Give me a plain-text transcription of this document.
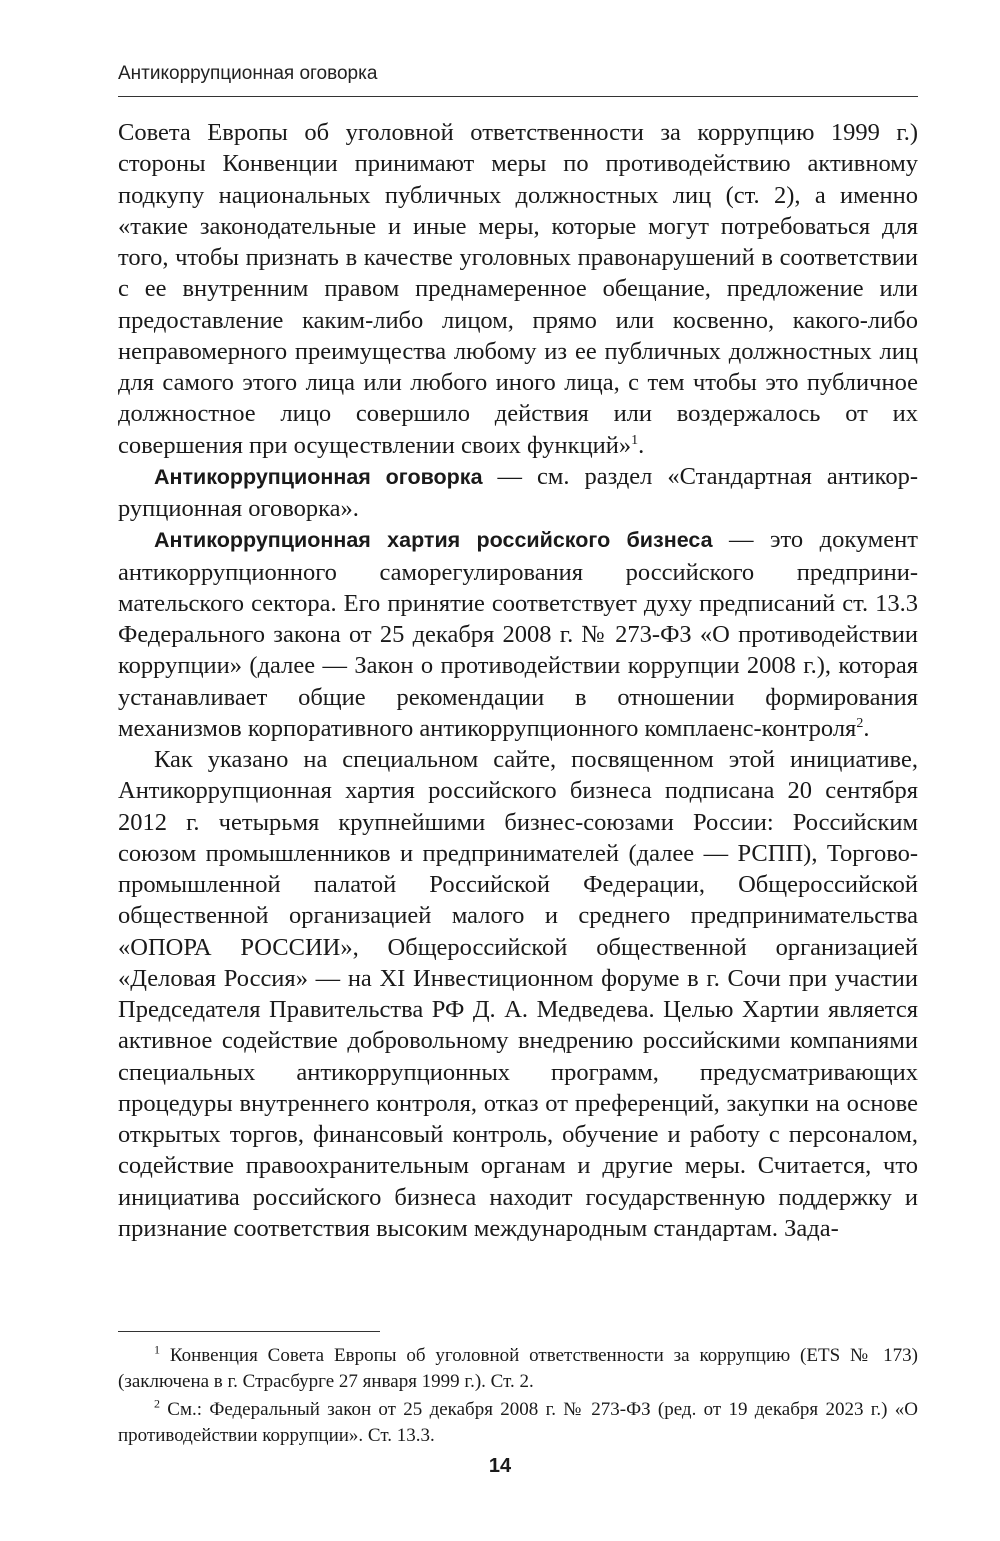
Антикоррупционная оговорка

Совета Европы об уголовной ответственности за коррупцию 1999 г.) стороны Конвенции принимают меры по противодействию активному подкупу национальных публичных должностных лиц (ст. 2), а именно «такие законодательные и иные меры, которые могут потребоваться для того, чтобы признать в качестве уголовных правонарушений в соответствии с ее внутренним правом преднамеренное обещание, предложение или предоставление каким-либо лицом, прямо или косвенно, какого-либо неправомерного преимущества любому из ее публичных должностных лиц для самого этого лица или любого иного лица, с тем чтобы это публичное должностное лицо совершило действия или воздержалось от их совершения при осуществлении своих функций»$^1$.

Антикоррупционная оговорка — см. раздел «Стандартная антикоррупционная оговорка».

Антикоррупционная хартия российского бизнеса — это документ антикоррупционного саморегулирования российского предпринимательского сектора. Его принятие соответствует духу предписаний ст. 13.3 Федерального закона от 25 декабря 2008 г. № 273-ФЗ «О противодействии коррупции» (далее — Закон о противодействии коррупции 2008 г.), которая устанавливает общие рекомендации в отношении формирования механизмов корпоративного антикоррупционного комплаенс-контроля$^2$.

Как указано на специальном сайте, посвященном этой инициативе, Антикоррупционная хартия российского бизнеса подписана 20 сентября 2012 г. четырьмя крупнейшими бизнес-союзами России: Российским союзом промышленников и предпринимателей (далее — РСПП), Торгово-промышленной палатой Российской Федерации, Общероссийской общественной организацией малого и среднего предпринимательства «ОПОРА РОССИИ», Общероссийской общественной организацией «Деловая Россия» — на XI Инвестиционном форуме в г. Сочи при участии Председателя Правительства РФ Д. А. Медведева. Целью Хартии является активное содействие добровольному внедрению российскими компаниями специальных антикоррупционных программ, предусматривающих процедуры внутреннего контроля, отказ от преференций, закупки на основе открытых торгов, финансовый контроль, обучение и работу с персоналом, содействие правоохранительным органам и другие меры. Считается, что инициатива российского бизнеса находит государственную поддержку и признание соответствия высоким международным стандартам. Зада-

$^1$ Конвенция Совета Европы об уголовной ответственности за коррупцию (ETS № 173) (заключена в г. Страсбурге 27 января 1999 г.). Ст. 2.

$^2$ См.: Федеральный закон от 25 декабря 2008 г. № 273-ФЗ (ред. от 19 декабря 2023 г.) «О противодействии коррупции». Ст. 13.3.

14
